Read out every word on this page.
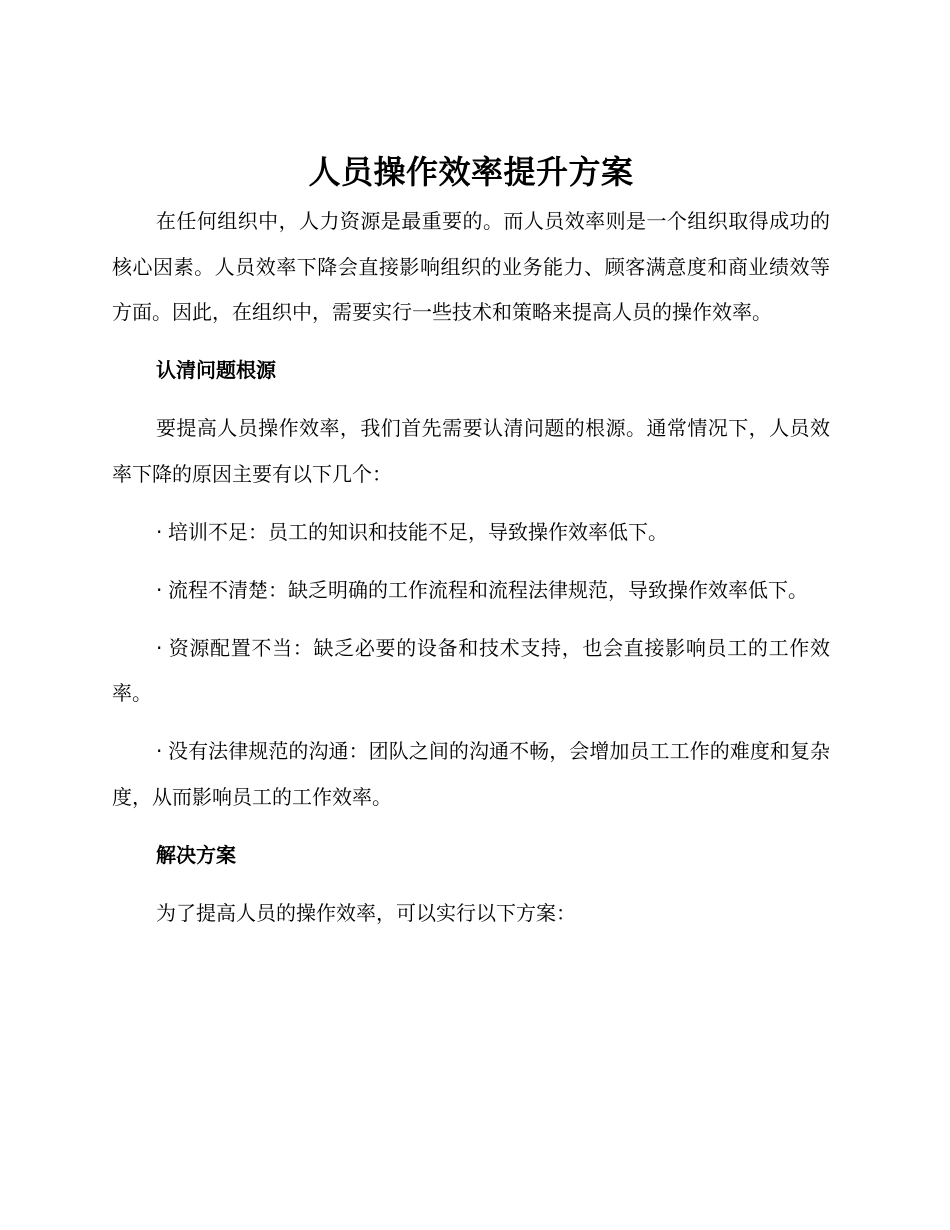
人员操作效率提升方案

在任何组织中，人力资源是最重要的。而人员效率则是一个组织取得成功的核心因素。人员效率下降会直接影响组织的业务能力、顾客满意度和商业绩效等方面。因此，在组织中，需要实行一些技术和策略来提高人员的操作效率。

认清问题根源

要提高人员操作效率，我们首先需要认清问题的根源。通常情况下，人员效率下降的原因主要有以下几个：

· 培训不足：员工的知识和技能不足，导致操作效率低下。

· 流程不清楚：缺乏明确的工作流程和流程法律规范，导致操作效率低下。

· 资源配置不当：缺乏必要的设备和技术支持，也会直接影响员工的工作效率。

· 没有法律规范的沟通：团队之间的沟通不畅，会增加员工工作的难度和复杂度，从而影响员工的工作效率。

解决方案

为了提高人员的操作效率，可以实行以下方案：
